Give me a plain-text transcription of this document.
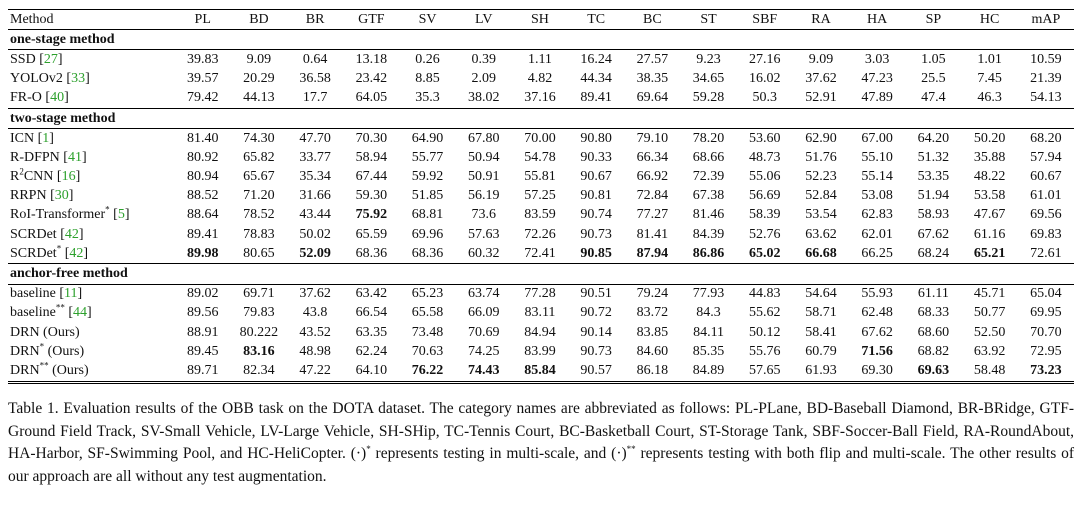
Method	PL	BD	BR	GTF	SV	LV	SH	TC	BC	ST	SBF	RA	HA	SP	HC	mAP
one-stage method																
SSD [27]	39.83	9.09	0.64	13.18	0.26	0.39	1.11	16.24	27.57	9.23	27.16	9.09	3.03	1.05	1.01	10.59
YOLOv2 [33]	39.57	20.29	36.58	23.42	8.85	2.09	4.82	44.34	38.35	34.65	16.02	37.62	47.23	25.5	7.45	21.39
FR-O [40]	79.42	44.13	17.7	64.05	35.3	38.02	37.16	89.41	69.64	59.28	50.3	52.91	47.89	47.4	46.3	54.13
two-stage method																
ICN [1]	81.40	74.30	47.70	70.30	64.90	67.80	70.00	90.80	79.10	78.20	53.60	62.90	67.00	64.20	50.20	68.20
R-DFPN [41]	80.92	65.82	33.77	58.94	55.77	50.94	54.78	90.33	66.34	68.66	48.73	51.76	55.10	51.32	35.88	57.94
$R^2CNN$ [16]	80.94	65.67	35.34	67.44	59.92	50.91	55.81	90.67	66.92	72.39	55.06	52.23	55.14	53.35	48.22	60.67
RRPN [30]	88.52	71.20	31.66	59.30	51.85	56.19	57.25	90.81	72.84	67.38	56.69	52.84	53.08	51.94	53.58	61.01
RoI-Transformer* [5]	88.64	78.52	43.44	75.92	68.81	73.6	83.59	90.74	77.27	81.46	58.39	53.54	62.83	58.93	47.67	69.56
SCRDet [42]	89.41	78.83	50.02	65.59	69.96	57.63	72.26	90.73	81.41	84.39	52.76	63.62	62.01	67.62	61.16	69.83
SCRDet* [42]	89.98	80.65	52.09	68.36	68.36	60.32	72.41	90.85	87.94	86.86	65.02	66.68	66.25	68.24	65.21	72.61
anchor-free method																
baseline [11]	89.02	69.71	37.62	63.42	65.23	63.74	77.28	90.51	79.24	77.93	44.83	54.64	55.93	61.11	45.71	65.04
baseline** [44]	89.56	79.83	43.8	66.54	65.58	66.09	83.11	90.72	83.72	84.3	55.62	58.71	62.48	68.33	50.77	69.95
DRN (Ours)	88.91	80.222	43.52	63.35	73.48	70.69	84.94	90.14	83.85	84.11	50.12	58.41	67.62	68.60	52.50	70.70
DRN* (Ours)	89.45	83.16	48.98	62.24	70.63	74.25	83.99	90.73	84.60	85.35	55.76	60.79	71.56	68.82	63.92	72.95
DRN** (Ours)	89.71	82.34	47.22	64.10	76.22	74.43	85.84	90.57	86.18	84.89	57.65	61.93	69.30	69.63	58.48	73.23
Table 1. Evaluation results of the OBB task on the DOTA dataset. The category names are abbreviated as follows: PL-PLane, BD-Baseball Diamond, BR-BRidge, GTF-Ground Field Track, SV-Small Vehicle, LV-Large Vehicle, SH-SHip, TC-Tennis Court, BC-Basketball Court, ST-Storage Tank, SBF-Soccer-Ball Field, RA-RoundAbout, HA-Harbor, SF-Swimming Pool, and HC-HeliCopter. (·)* represents testing in multi-scale, and (·)** represents testing with both flip and multi-scale. The other results of our approach are all without any test augmentation.
